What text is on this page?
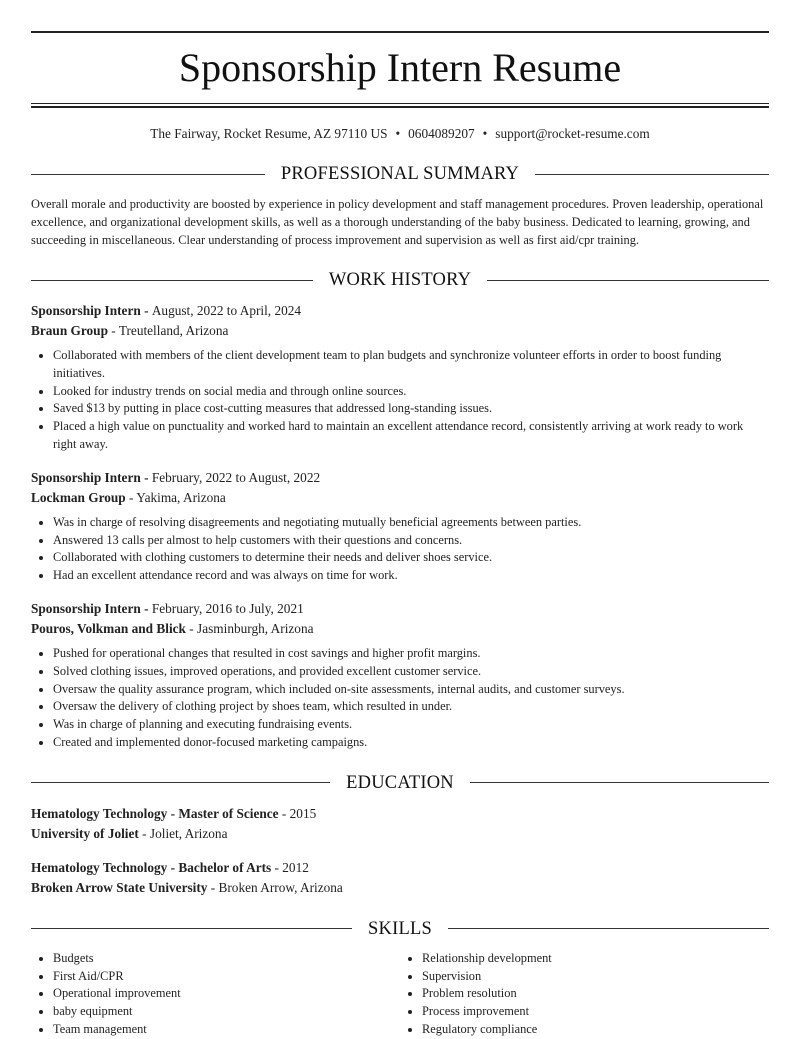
Sponsorship Intern Resume
The Fairway, Rocket Resume, AZ 97110 US • 0604089207 • support@rocket-resume.com
PROFESSIONAL SUMMARY

Overall morale and productivity are boosted by experience in policy development and staff management procedures. Proven leadership, operational excellence, and organizational development skills, as well as a thorough understanding of the baby business. Dedicated to learning, growing, and succeeding in miscellaneous. Clear understanding of process improvement and supervision as well as first aid/cpr training.

WORK HISTORY
Sponsorship Intern - August, 2022 to April, 2024
Braun Group - Treutelland, Arizona
• Collaborated with members of the client development team to plan budgets and synchronize volunteer efforts in order to boost funding initiatives.
• Looked for industry trends on social media and through online sources.
• Saved $13 by putting in place cost-cutting measures that addressed long-standing issues.
• Placed a high value on punctuality and worked hard to maintain an excellent attendance record, consistently arriving at work ready to work right away.
Sponsorship Intern - February, 2022 to August, 2022
Lockman Group - Yakima, Arizona
• Was in charge of resolving disagreements and negotiating mutually beneficial agreements between parties.
• Answered 13 calls per almost to help customers with their questions and concerns.
• Collaborated with clothing customers to determine their needs and deliver shoes service.
• Had an excellent attendance record and was always on time for work.
Sponsorship Intern - February, 2016 to July, 2021
Pouros, Volkman and Blick - Jasminburgh, Arizona
• Pushed for operational changes that resulted in cost savings and higher profit margins.
• Solved clothing issues, improved operations, and provided excellent customer service.
• Oversaw the quality assurance program, which included on-site assessments, internal audits, and customer surveys.
• Oversaw the delivery of clothing project by shoes team, which resulted in under.
• Was in charge of planning and executing fundraising events.
• Created and implemented donor-focused marketing campaigns.
EDUCATION
Hematology Technology - Master of Science - 2015
University of Joliet - Joliet, Arizona
Hematology Technology - Bachelor of Arts - 2012
Broken Arrow State University - Broken Arrow, Arizona
SKILLS
• Budgets
• First Aid/CPR
• Operational improvement
• baby equipment
• Team management
• Relationship development
• Supervision
• Problem resolution
• Process improvement
• Regulatory compliance
